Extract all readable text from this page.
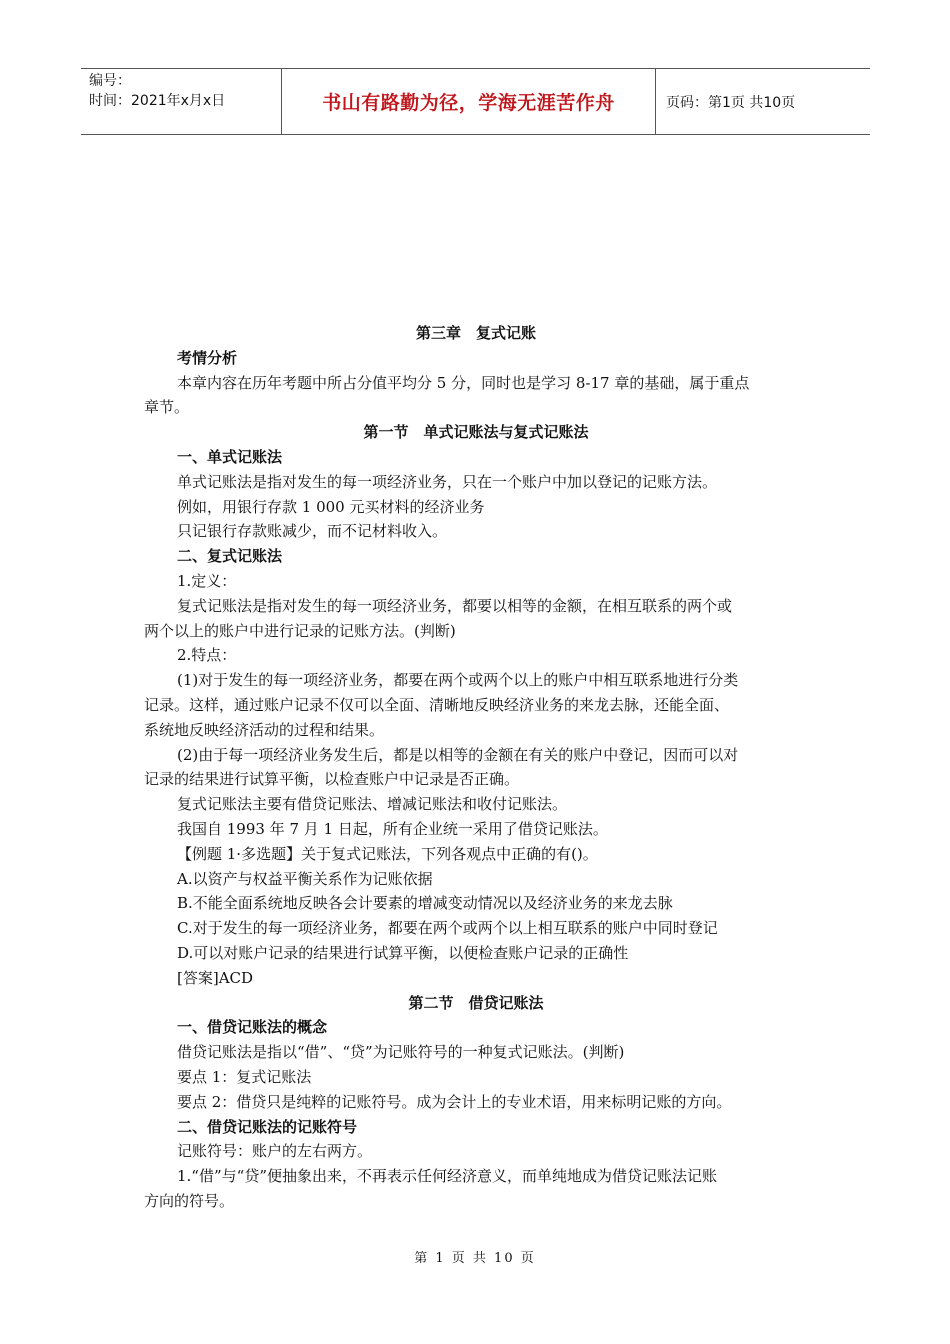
编号：
时间：2021年x月x日	书山有路勤为径，学海无涯苦作舟	页码：第1页 共10页
第三章　复式记账
考情分析
本章内容在历年考题中所占分值平均分 5 分，同时也是学习 8-17 章的基础，属于重点
章节。
第一节　单式记账法与复式记账法
一、单式记账法
单式记账法是指对发生的每一项经济业务，只在一个账户中加以登记的记账方法。
例如，用银行存款 1 000 元买材料的经济业务
只记银行存款账减少，而不记材料收入。
二、复式记账法
1.定义：
复式记账法是指对发生的每一项经济业务，都要以相等的金额，在相互联系的两个或
两个以上的账户中进行记录的记账方法。(判断)
2.特点：
(1)对于发生的每一项经济业务，都要在两个或两个以上的账户中相互联系地进行分类
记录。这样，通过账户记录不仅可以全面、清晰地反映经济业务的来龙去脉，还能全面、
系统地反映经济活动的过程和结果。
(2)由于每一项经济业务发生后，都是以相等的金额在有关的账户中登记，因而可以对
记录的结果进行试算平衡，以检查账户中记录是否正确。
复式记账法主要有借贷记账法、增减记账法和收付记账法。
我国自 1993 年 7 月 1 日起，所有企业统一采用了借贷记账法。
【例题 1·多选题】关于复式记账法，下列各观点中正确的有()。
A.以资产与权益平衡关系作为记账依据
B.不能全面系统地反映各会计要素的增减变动情况以及经济业务的来龙去脉
C.对于发生的每一项经济业务，都要在两个或两个以上相互联系的账户中同时登记
D.可以对账户记录的结果进行试算平衡，以便检查账户记录的正确性
[答案]ACD
第二节　借贷记账法
一、借贷记账法的概念
借贷记账法是指以“借”、“贷”为记账符号的一种复式记账法。(判断)
要点 1：复式记账法
要点 2：借贷只是纯粹的记账符号。成为会计上的专业术语，用来标明记账的方向。
二、借贷记账法的记账符号
记账符号：账户的左右两方。
1.“借”与“贷”便抽象出来，不再表示任何经济意义，而单纯地成为借贷记账法记账
方向的符号。
第 1 页 共 10 页
